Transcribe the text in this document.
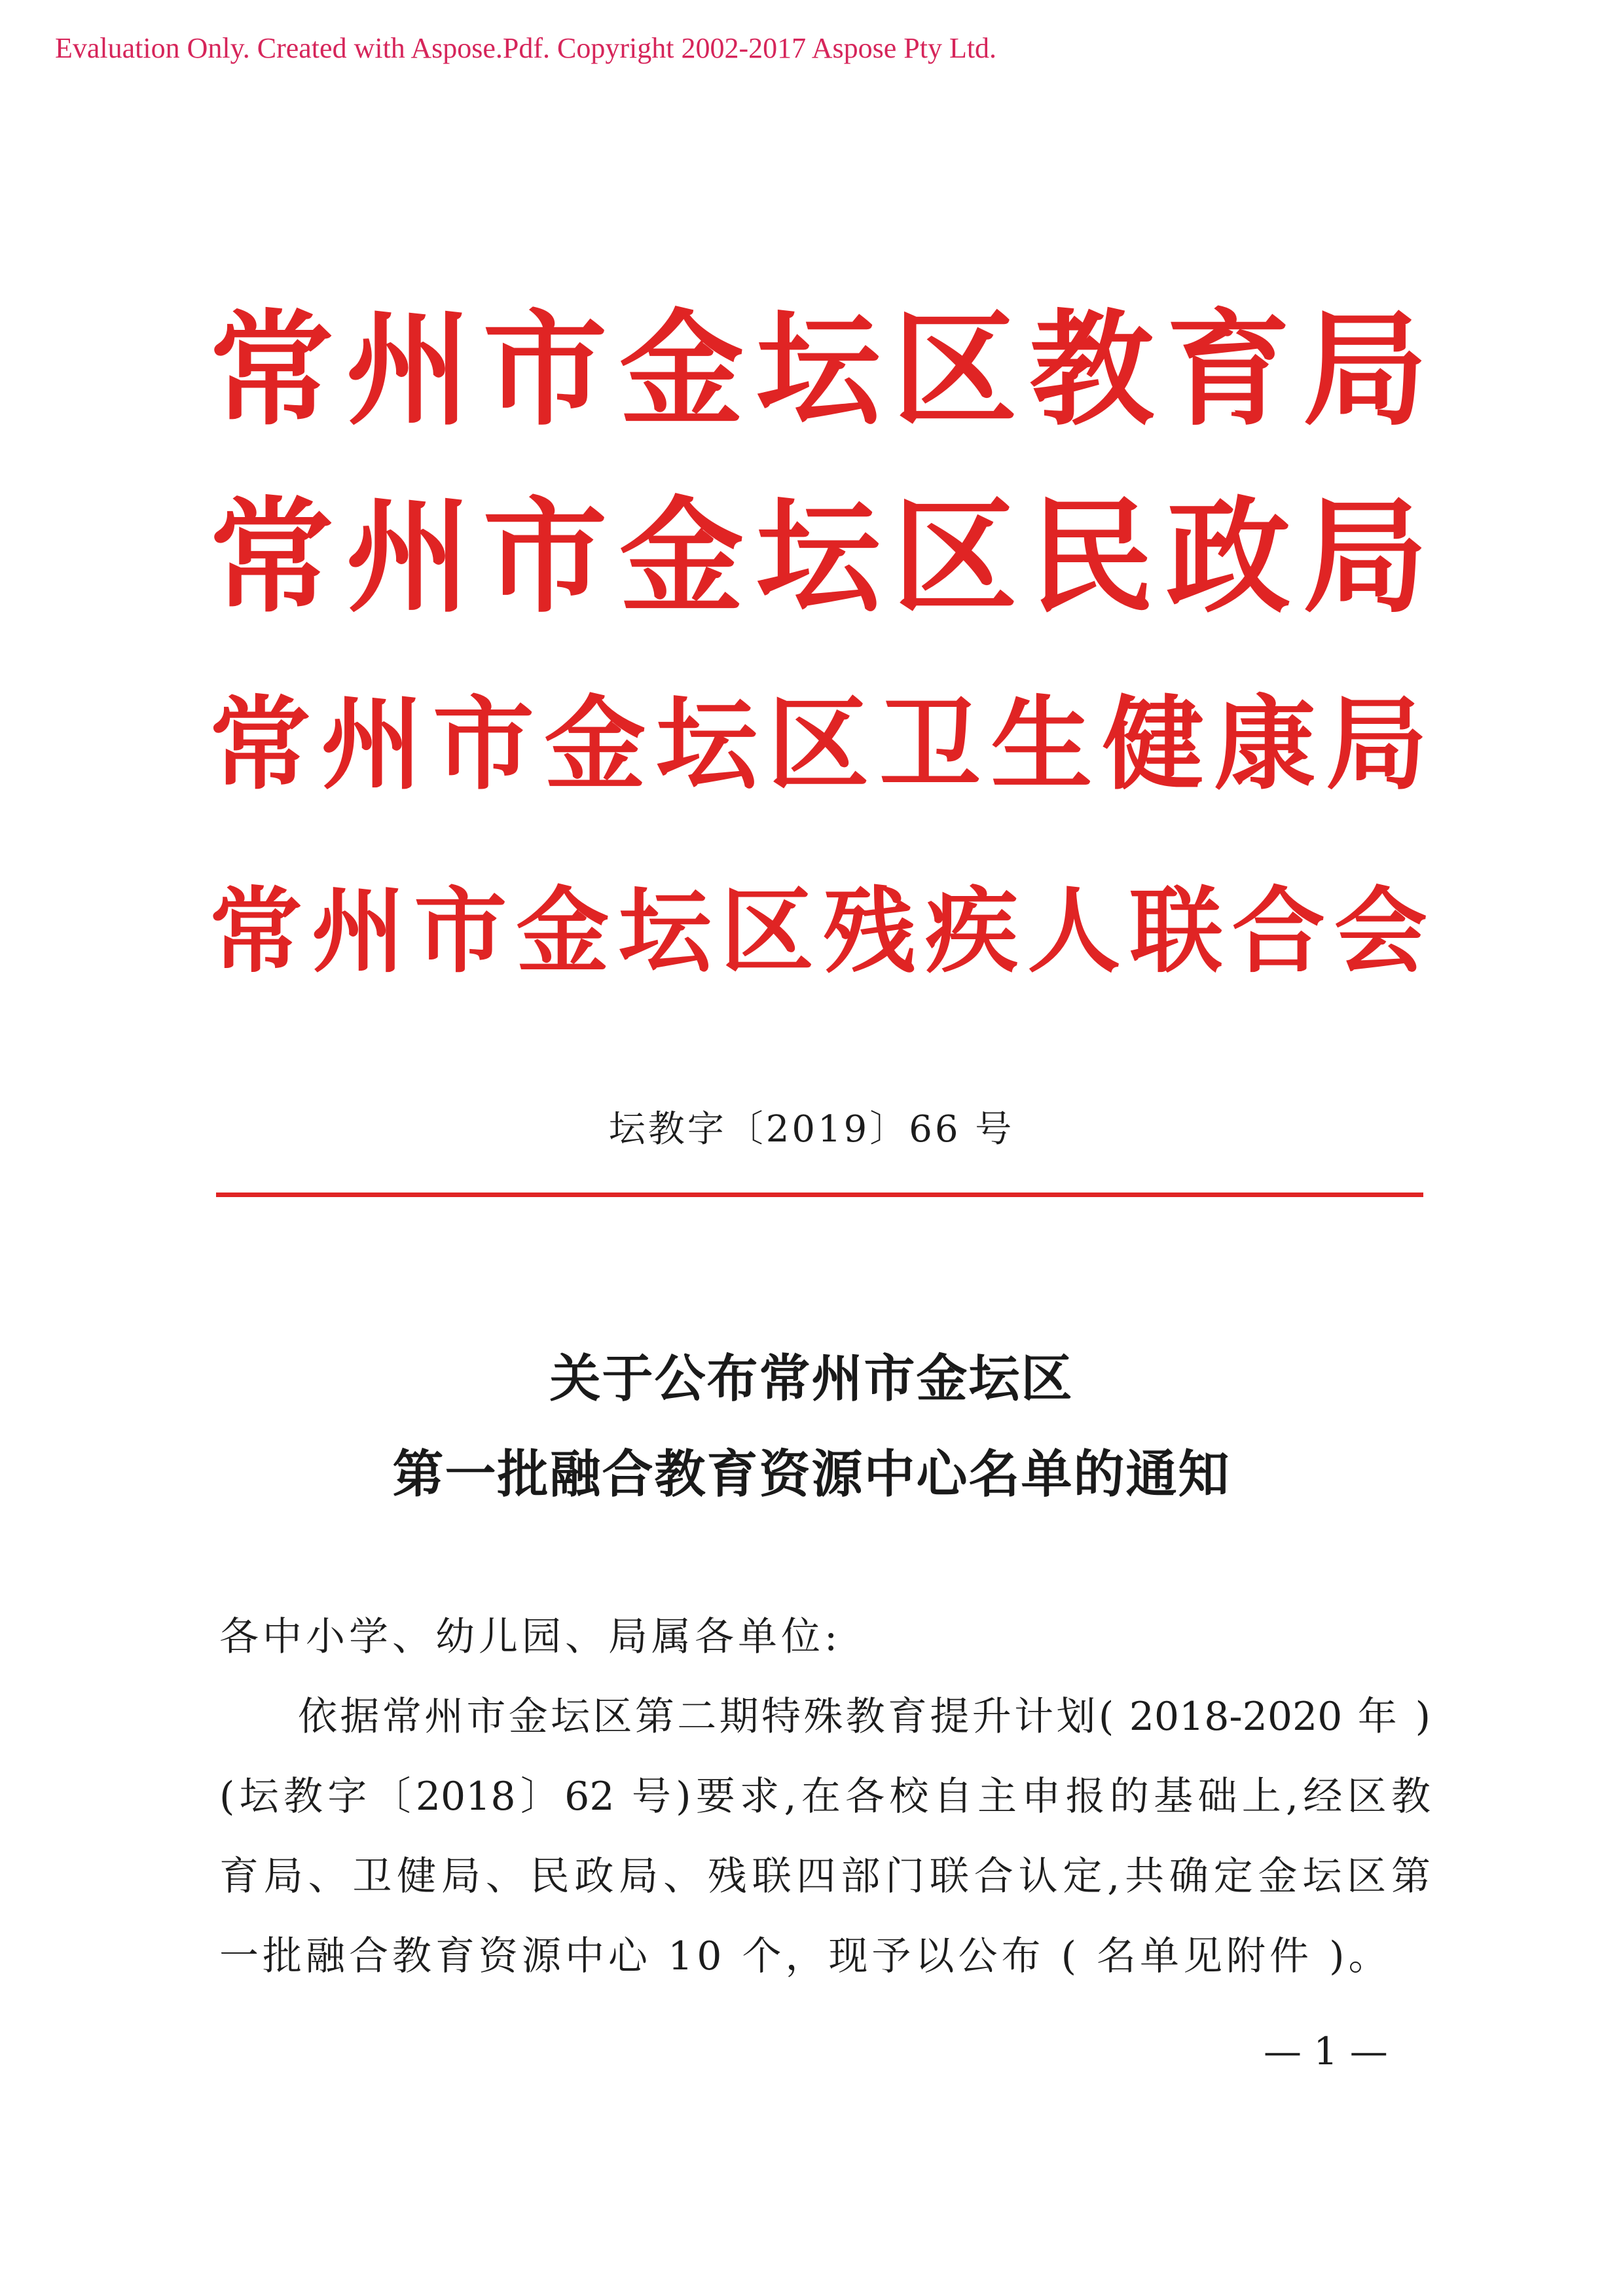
Evaluation Only. Created with Aspose.Pdf. Copyright 2002-2017 Aspose Pty Ltd.
常 州 市 金 坛 区 教 育 局
常 州 市 金 坛 区 民 政 局
常 州 市 金 坛 区 卫 生 健 康 局
常 州 市 金 坛 区 残 疾 人 联 合 会
坛教字〔2019〕66 号
关于公布常州市金坛区
第一批融合教育资源中心名单的通知
各中小学、幼儿园、局属各单位:
依据常州市金坛区第二期特殊教育提升计划( 2018-2020 年 )
(坛教字〔2018〕62 号)要求,在各校自主申报的基础上,经区教
育局、卫健局、民政局、残联四部门联合认定,共确定金坛区第
一批融合教育资源中心 10 个，现予以公布 ( 名单见附件 )。
— 1 —
